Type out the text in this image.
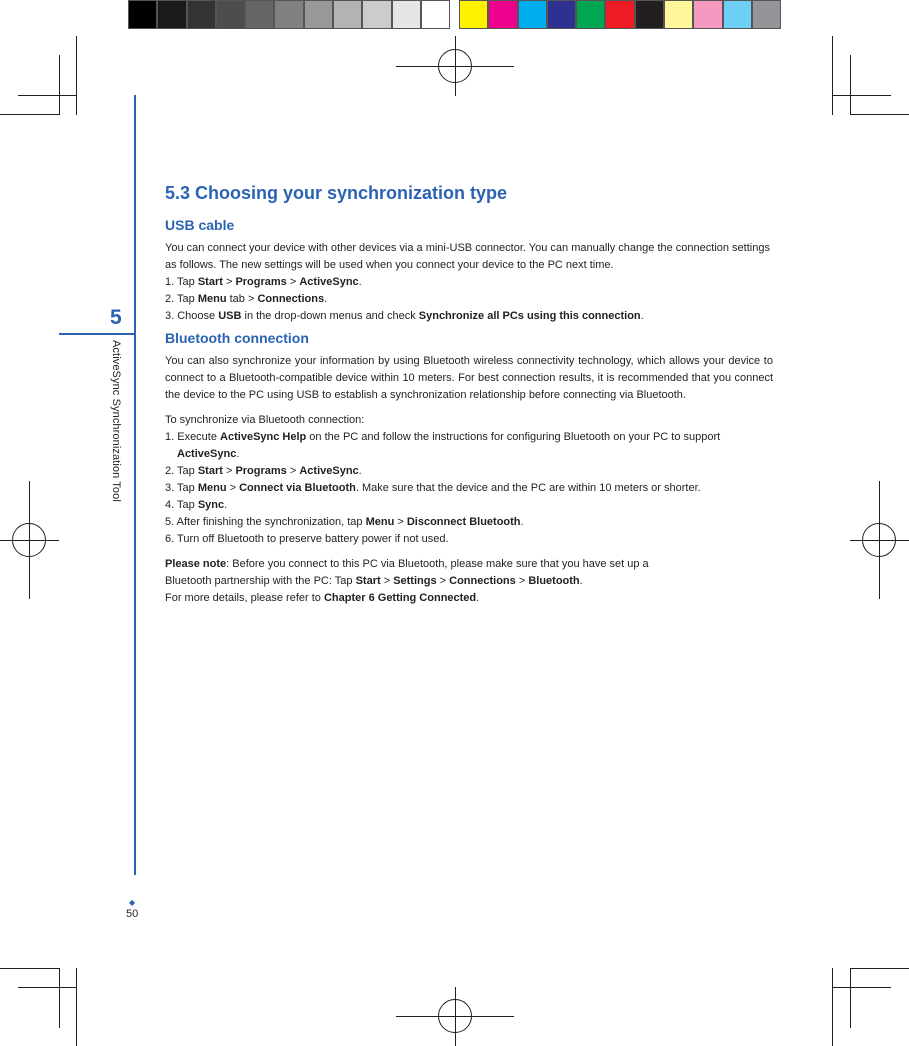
5
ActiveSync Synchronization Tool
◆
50
5.3 Choosing your synchronization type
USB cable

You can connect your device with other devices via a mini-USB connector. You can manually change the connection settings as follows. The new settings will be used when you connect your device to the PC next time.

1. Tap Start > Programs > ActiveSync.

2. Tap Menu tab > Connections.

3. Choose USB in the drop-down menus and check Synchronize all PCs using this connection.

Bluetooth connection

You can also synchronize your information by using Bluetooth wireless connectivity technology, which allows your device to connect to a Bluetooth-compatible device within 10 meters. For best connection results, it is recommended that you connect the device to the PC using USB to establish a synchronization relationship before connecting via Bluetooth.

To synchronize via Bluetooth connection:

1. Execute ActiveSync Help on the PC and follow the instructions for configuring Bluetooth on your PC to support
ActiveSync.

2. Tap Start > Programs > ActiveSync.

3. Tap Menu > Connect via Bluetooth. Make sure that the device and the PC are within 10 meters or shorter.

4. Tap Sync.

5. After finishing the synchronization, tap Menu > Disconnect Bluetooth.

6. Turn off Bluetooth to preserve battery power if not used.

Please note: Before you connect to this PC via Bluetooth, please make sure that you have set up a

Bluetooth partnership with the PC: Tap Start > Settings > Connections > Bluetooth.

For more details, please refer to Chapter 6 Getting Connected.
